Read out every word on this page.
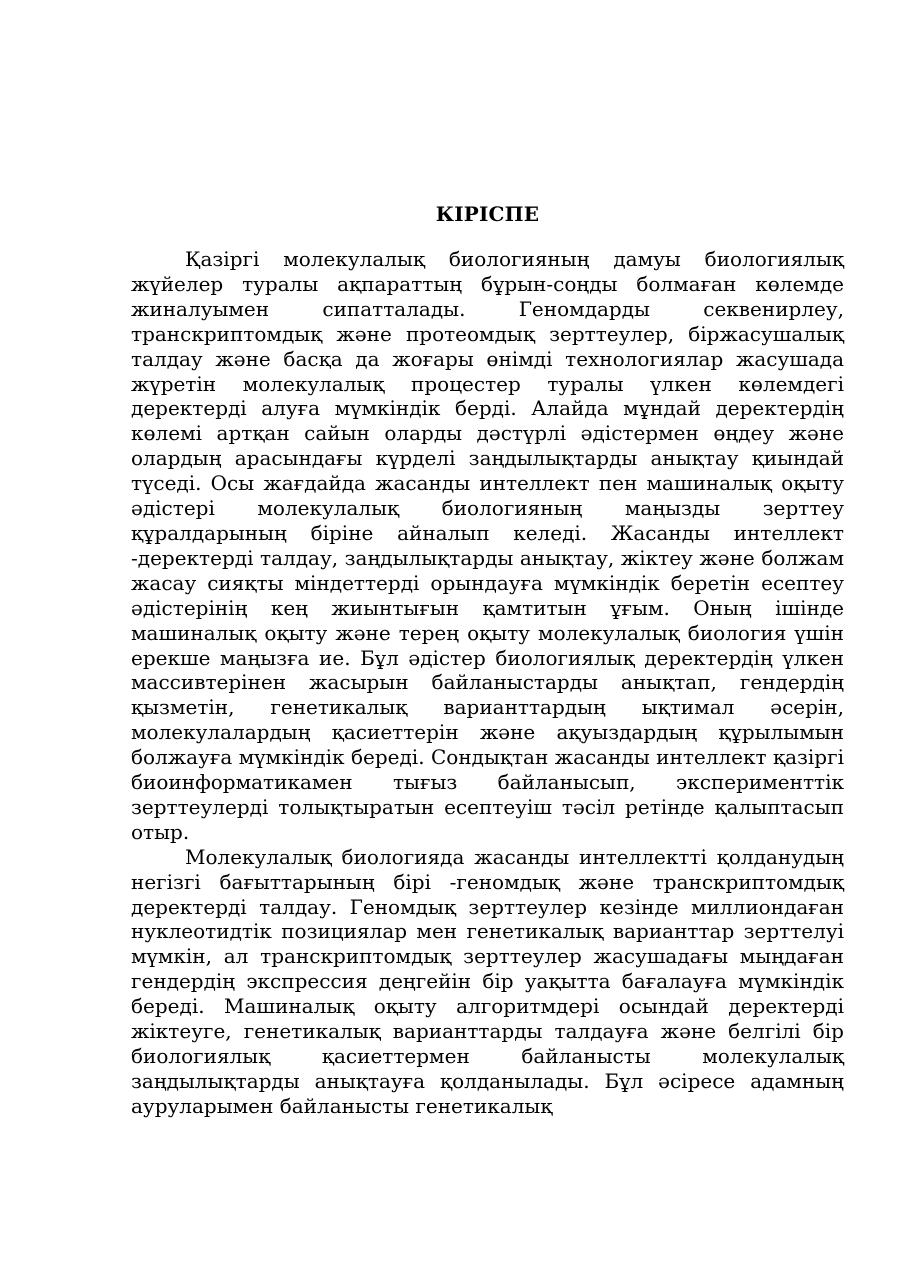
КІРІСПЕ

Қазіргі молекулалық биологияның дамуы биологиялық жүйелер туралы ақпараттың бұрын-соңды болмаған көлемде жиналуымен сипатталады. Геномдарды секвенирлеу, транскриптомдық және протеомдық зерттеулер, біржасушалық талдау және басқа да жоғары өнімді технологиялар жасушада жүретін молекулалық процестер туралы үлкен көлемдегі деректерді алуға мүмкіндік берді. Алайда мұндай деректердің көлемі артқан сайын оларды дәстүрлі әдістермен өңдеу және олардың арасындағы күрделі заңдылықтарды анықтау қиындай түседі. Осы жағдайда жасанды интеллект пен машиналық оқыту әдістері молекулалық биологияның маңызды зерттеу құралдарының біріне айналып келеді. Жасанды интеллект -деректерді талдау, заңдылықтарды анықтау, жіктеу және болжам жасау сияқты міндеттерді орындауға мүмкіндік беретін есептеу әдістерінің кең жиынтығын қамтитын ұғым. Оның ішінде машиналық оқыту және терең оқыту молекулалық биология үшін ерекше маңызға ие. Бұл әдістер биологиялық деректердің үлкен массивтерінен жасырын байланыстарды анықтап, гендердің қызметін, генетикалық варианттардың ықтимал әсерін, молекулалардың қасиеттерін және ақуыздардың құрылымын болжауға мүмкіндік береді. Сондықтан жасанды интеллект қазіргі биоинформатикамен тығыз байланысып, эксперименттік зерттеулерді толықтыратын есептеуіш тәсіл ретінде қалыптасып отыр.

Молекулалық биологияда жасанды интеллектті қолданудың негізгі бағыттарының бірі -геномдық және транскриптомдық деректерді талдау. Геномдық зерттеулер кезінде миллиондаған нуклеотидтік позициялар мен генетикалық варианттар зерттелуі мүмкін, ал транскриптомдық зерттеулер жасушадағы мыңдаған гендердің экспрессия деңгейін бір уақытта бағалауға мүмкіндік береді. Машиналық оқыту алгоритмдері осындай деректерді жіктеуге, генетикалық варианттарды талдауға және белгілі бір биологиялық қасиеттермен байланысты молекулалық заңдылықтарды анықтауға қолданылады. Бұл әсіресе адамның ауруларымен байланысты генетикалық
